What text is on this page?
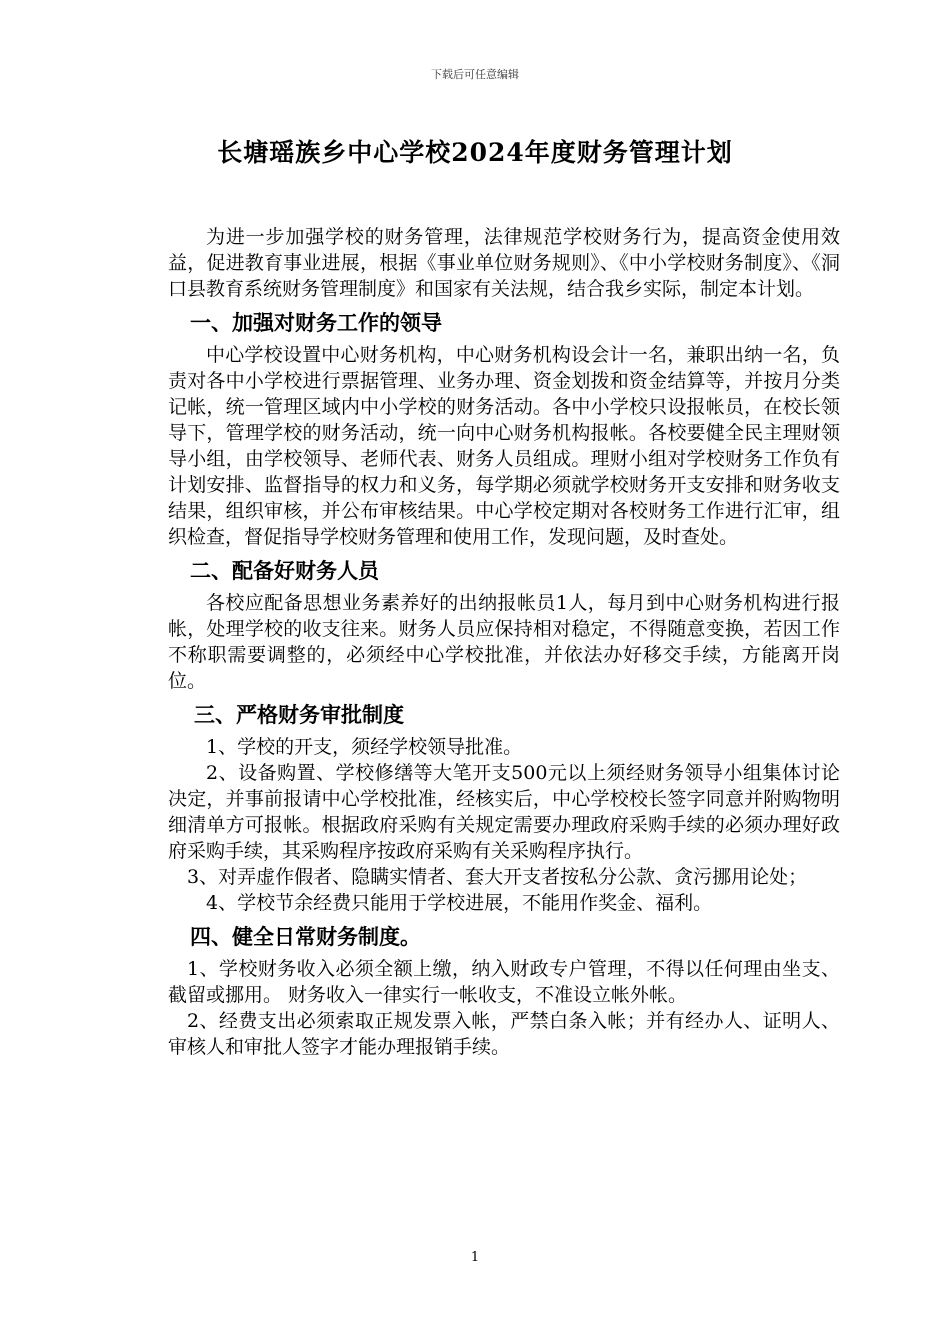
下载后可任意编辑
长塘瑶族乡中心学校2024年度财务管理计划

为进一步加强学校的财务管理，法律规范学校财务行为，提高资金使用效益，促进教育事业进展，根据《事业单位财务规则》、《中小学校财务制度》、《洞口县教育系统财务管理制度》和国家有关法规，结合我乡实际，制定本计划。

一、加强对财务工作的领导

中心学校设置中心财务机构，中心财务机构设会计一名，兼职出纳一名，负责对各中小学校进行票据管理、业务办理、资金划拨和资金结算等，并按月分类记帐，统一管理区域内中小学校的财务活动。各中小学校只设报帐员，在校长领导下，管理学校的财务活动，统一向中心财务机构报帐。各校要健全民主理财领导小组，由学校领导、老师代表、财务人员组成。理财小组对学校财务工作负有计划安排、监督指导的权力和义务，每学期必须就学校财务开支安排和财务收支结果，组织审核，并公布审核结果。中心学校定期对各校财务工作进行汇审，组织检查，督促指导学校财务管理和使用工作，发现问题，及时查处。

二、配备好财务人员

各校应配备思想业务素养好的出纳报帐员1人，每月到中心财务机构进行报帐，处理学校的收支往来。财务人员应保持相对稳定，不得随意变换，若因工作不称职需要调整的，必须经中心学校批准，并依法办好移交手续，方能离开岗位。

三、严格财务审批制度

1、学校的开支，须经学校领导批准。

2、设备购置、学校修缮等大笔开支500元以上须经财务领导小组集体讨论决定，并事前报请中心学校批准，经核实后，中心学校校长签字同意并附购物明细清单方可报帐。根据政府采购有关规定需要办理政府采购手续的必须办理好政府采购手续，其采购程序按政府采购有关采购程序执行。

3、对弄虚作假者、隐瞒实情者、套大开支者按私分公款、贪污挪用论处；

4、学校节余经费只能用于学校进展，不能用作奖金、福利。

四、健全日常财务制度。

1、学校财务收入必须全额上缴，纳入财政专户管理，不得以任何理由坐支、截留或挪用。 财务收入一律实行一帐收支，不准设立帐外帐。

2、经费支出必须索取正规发票入帐，严禁白条入帐；并有经办人、证明人、审核人和审批人签字才能办理报销手续。

1
